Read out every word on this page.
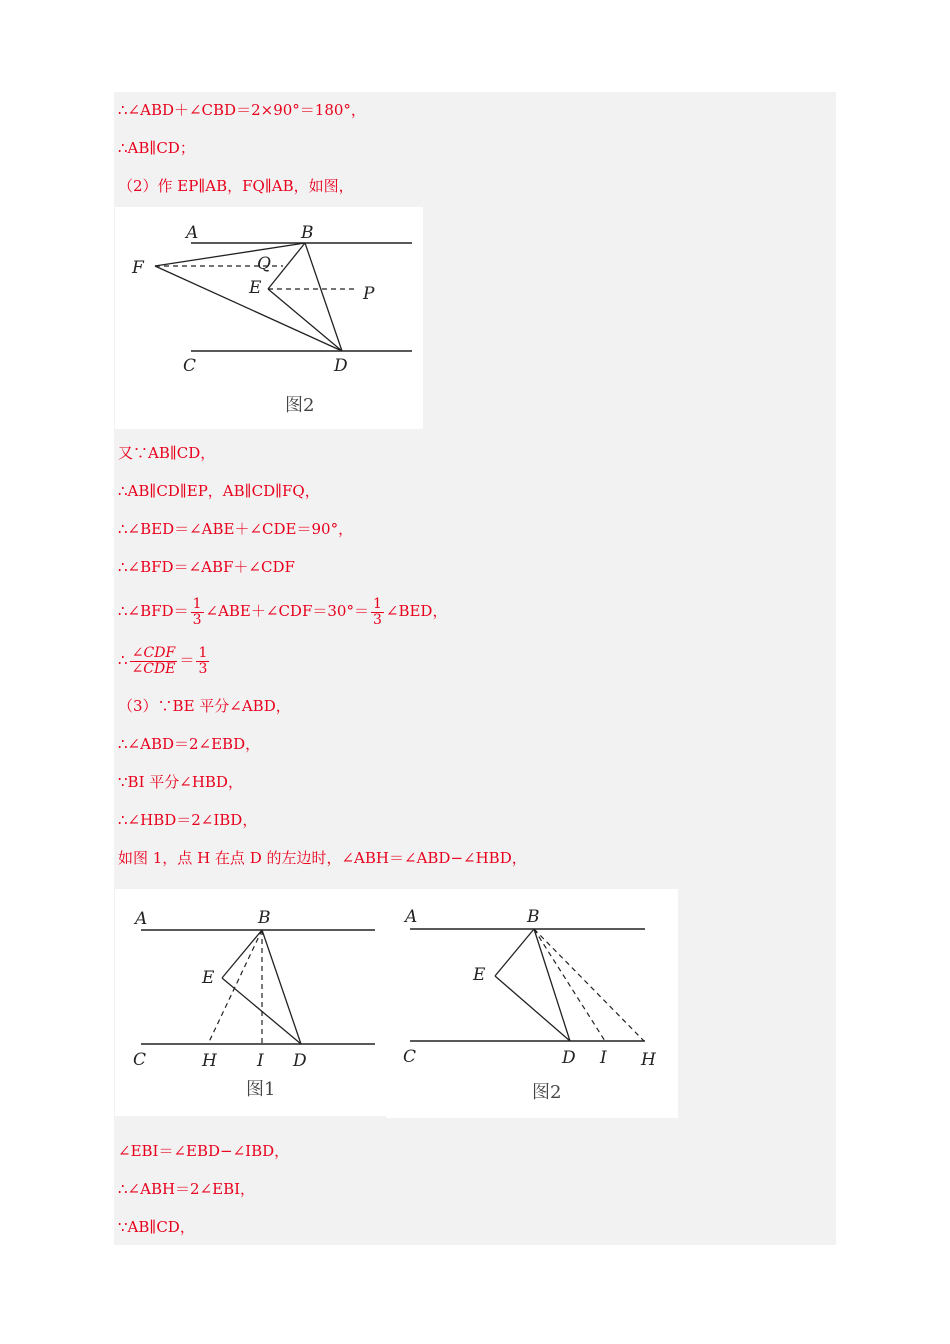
∴∠ABD＋∠CBD＝2×90°＝180°，
∴AB∥CD；
（2）作 EP∥AB，FQ∥AB，如图，
A	B
F	Q
E	P
C	D
图2
又∵AB∥CD，
∴AB∥CD∥EP，AB∥CD∥FQ，
∴∠BED＝∠ABE＋∠CDE＝90°，
∴∠BFD＝∠ABF＋∠CDF
∴∠BFD＝ $\frac{1}{3}$ ∠ABE＋∠CDF＝30°＝ $\frac{1}{3}$ ∠BED，
∴ $\frac{\text{∠CDF}}{\text{∠CDE}} = \frac{1}{3}$
（3）∵BE 平分∠ABD，
∴∠ABD＝2∠EBD，
∵BI 平分∠HBD，
∴∠HBD＝2∠IBD，
如图 1，点 H 在点 D 的左边时，∠ABH＝∠ABD−∠HBD，
A	B
E
C	H I D
图1
A	B
E
C	D I H
图2
∠EBI＝∠EBD−∠IBD，
∴∠ABH＝2∠EBI，
∵AB∥CD，
